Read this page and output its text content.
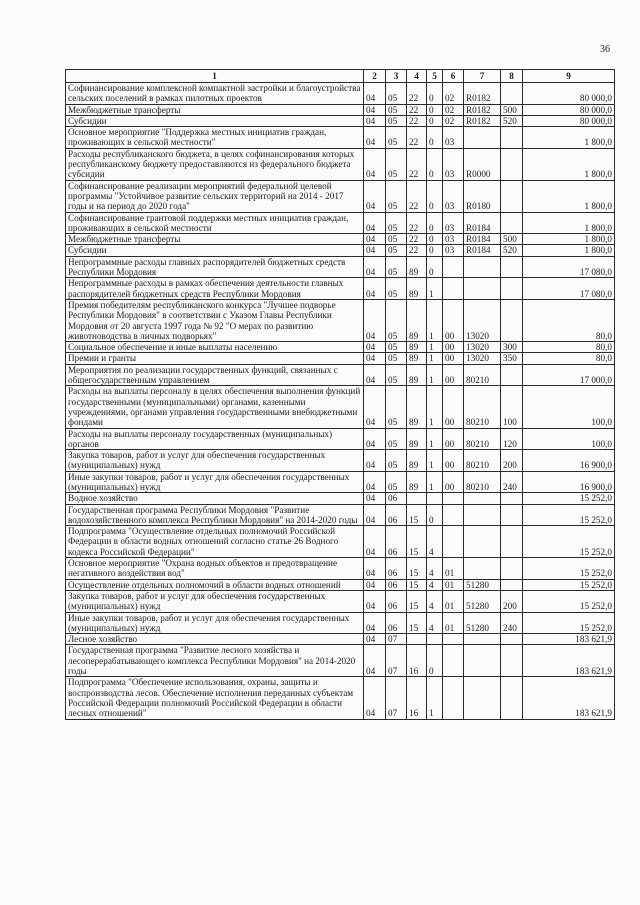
36
1	2	3	4	5	6	7	8	9
Софинансирование комплексной компактной застройки и благоустройства сельских поселений в рамках пилотных проектов	04	05	22	0	02	R0182		80 000,0
Межбюджетные трансферты	04	05	22	0	02	R0182	500	80 000,0
Субсидии	04	05	22	0	02	R0182	520	80 000,0
Основное мероприятие "Поддержка местных инициатив граждан, проживающих в сельской местности"	04	05	22	0	03			1 800,0
Расходы республиканского бюджета, в целях софинансирования которых республиканскому бюджету предоставляются из федерального бюджета субсидии	04	05	22	0	03	R0000		1 800,0
Софинансирование реализации мероприятий федеральной целевой программы "Устойчивое развитие сельских территорий на 2014 - 2017 годы и на период до 2020 года"	04	05	22	0	03	R0180		1 800,0
Софинансирование грантовой поддержки местных инициатив граждан, проживающих в сельской местности	04	05	22	0	03	R0184		1 800,0
Межбюджетные трансферты	04	05	22	0	03	R0184	500	1 800,0
Субсидии	04	05	22	0	03	R0184	520	1 800,0
Непрограммные расходы главных распорядителей бюджетных средств Республики Мордовия	04	05	89	0				17 080,0
Непрограммные расходы в рамках обеспечения деятельности главных распорядителей бюджетных средств Республики Мордовия	04	05	89	1				17 080,0
Премия победителям республиканского конкурса "Лучшее подворье Республики Мордовия" в соответствии с Указом Главы Республики Мордовия от 20 августа 1997 года № 92 "О мерах по развитию животноводства в личных подворьях"	04	05	89	1	00	13020		80,0
Социальное обеспечение и иные выплаты населению	04	05	89	1	00	13020	300	80,0
Премии и гранты	04	05	89	1	00	13020	350	80,0
Мероприятия по реализации государственных функций, связанных с общегосударственным управлением	04	05	89	1	00	80210		17 000,0
Расходы на выплаты персоналу в целях обеспечения выполнения функций государственными (муниципальными) органами, казенными учреждениями, органами управления государственными внебюджетными фондами	04	05	89	1	00	80210	100	100,0
Расходы на выплаты персоналу государственных (муниципальных) органов	04	05	89	1	00	80210	120	100,0
Закупка товаров, работ и услуг для обеспечения государственных (муниципальных) нужд	04	05	89	1	00	80210	200	16 900,0
Иные закупки товаров, работ и услуг для обеспечения государственных (муниципальных) нужд	04	05	89	1	00	80210	240	16 900,0
Водное хозяйство	04	06						15 252,0
Государственная программа Республики Мордовия "Развитие водохозяйственного комплекса Республики Мордовия" на 2014-2020 годы	04	06	15	0				15 252,0
Подпрограмма "Осуществление отдельных полномочий Российской Федерации в области водных отношений согласно статье 26 Водного кодекса Российской Федерации"	04	06	15	4				15 252,0
Основное мероприятие "Охрана водных объектов и предотвращение негативного воздействия вод"	04	06	15	4	01			15 252,0
Осуществление отдельных полномочий в области водных отношений	04	06	15	4	01	51280		15 252,0
Закупка товаров, работ и услуг для обеспечения государственных (муниципальных) нужд	04	06	15	4	01	51280	200	15 252,0
Иные закупки товаров, работ и услуг для обеспечения государственных (муниципальных) нужд	04	06	15	4	01	51280	240	15 252,0
Лесное хозяйство	04	07						183 621,9
Государственная программа "Развитие лесного хозяйства и лесоперерабатывающего комплекса Республики Мордовия" на 2014-2020 годы	04	07	16	0				183 621,9
Подпрограмма "Обеспечение использования, охраны, защиты и воспроизводства лесов. Обеспечение исполнения переданных субъектам Российской Федерации полномочий Российской Федерации в области лесных отношений"	04	07	16	1				183 621,9
